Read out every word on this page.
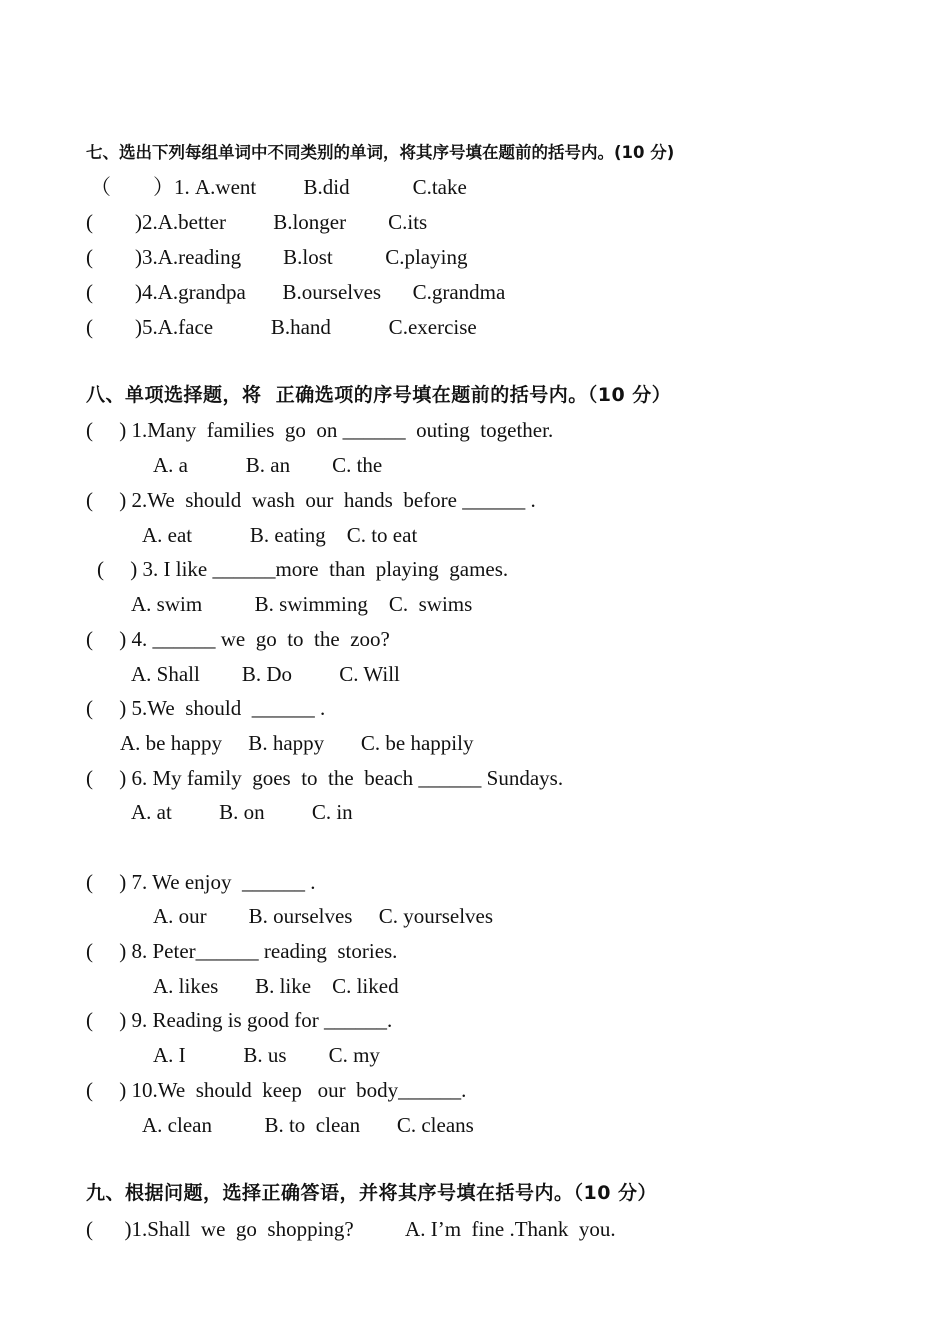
七、选出下列每组单词中不同类别的单词，将其序号填在题前的括号内。(10 分)
（　　）1. A.went         B.did            C.take
(        )2.A.better         B.longer        C.its
(        )3.A.reading        B.lost          C.playing
(        )4.A.grandpa       B.ourselves      C.grandma
(        )5.A.face           B.hand           C.exercise
八、单项选择题，将  正确选项的序号填在题前的括号内。（10 分）
(     ) 1.Many  families  go  on ______  outing  together.
A. a           B. an        C. the
(     ) 2.We  should  wash  our  hands  before ______ .
A. eat           B. eating    C. to eat
(     ) 3. I like ______more  than  playing  games.
A. swim          B. swimming    C.  swims
(     ) 4. ______ we  go  to  the  zoo?
A. Shall        B. Do         C. Will
(     ) 5.We  should  ______ .
A. be happy     B. happy       C. be happily
(     ) 6. My family  goes  to  the  beach ______ Sundays.
A. at         B. on         C. in
(     ) 7. We enjoy  ______ .
A. our        B. ourselves     C. yourselves
(     ) 8. Peter______ reading  stories.
A. likes       B. like    C. liked
(     ) 9. Reading is good for ______.
A. I           B. us        C. my
(     ) 10.We  should  keep   our  body______.
A. clean          B. to  clean       C. cleans
九、根据问题，选择正确答语，并将其序号填在括号内。（10 分）
(      )1.Shall  we  go  shopping?          A. I’m  fine .Thank  you.
